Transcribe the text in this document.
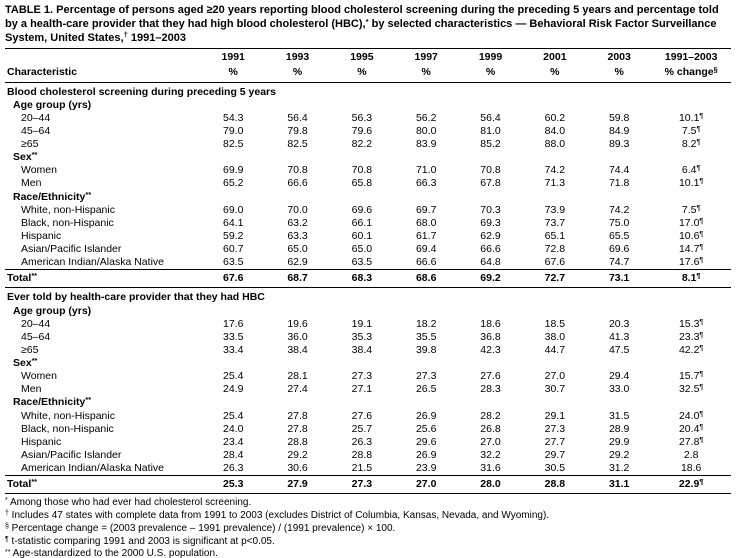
TABLE 1. Percentage of persons aged ≥20 years reporting blood cholesterol screening during the preceding 5 years and percentage told by a health-care provider that they had high blood cholesterol (HBC),* by selected characteristics — Behavioral Risk Factor Surveillance System, United States,† 1991–2003

	1991	1993	1995	1997	1999	2001	2003	1991–2003
Characteristic	%	%	%	%	%	%	%	% change§
Blood cholesterol screening during preceding 5 years								
Age group (yrs)								
20–44	54.3	56.4	56.3	56.2	56.4	60.2	59.8	10.1¶
45–64	79.0	79.8	79.6	80.0	81.0	84.0	84.9	7.5¶
≥65	82.5	82.5	82.2	83.9	85.2	88.0	89.3	8.2¶
Sex**
Women	69.9	70.8	70.8	71.0	70.8	74.2	74.4	6.4¶
Men	65.2	66.6	65.8	66.3	67.8	71.3	71.8	10.1¶
Race/Ethnicity**
White, non-Hispanic	69.0	70.0	69.6	69.7	70.3	73.9	74.2	7.5¶
Black, non-Hispanic	64.1	63.2	66.1	68.0	69.3	73.7	75.0	17.0¶
Hispanic	59.2	63.3	60.1	61.7	62.9	65.1	65.5	10.6¶
Asian/Pacific Islander	60.7	65.0	65.0	69.4	66.6	72.8	69.6	14.7¶
American Indian/Alaska Native	63.5	62.9	63.5	66.6	64.8	67.6	74.7	17.6¶
Total**	67.6	68.7	68.3	68.6	69.2	72.7	73.1	8.1¶
Ever told by health-care provider that they had HBC								
Age group (yrs)								
20–44	17.6	19.6	19.1	18.2	18.6	18.5	20.3	15.3¶
45–64	33.5	36.0	35.3	35.5	36.8	38.0	41.3	23.3¶
≥65	33.4	38.4	38.4	39.8	42.3	44.7	47.5	42.2¶
Sex**
Women	25.4	28.1	27.3	27.3	27.6	27.0	29.4	15.7¶
Men	24.9	27.4	27.1	26.5	28.3	30.7	33.0	32.5¶
Race/Ethnicity**
White, non-Hispanic	25.4	27.8	27.6	26.9	28.2	29.1	31.5	24.0¶
Black, non-Hispanic	24.0	27.8	25.7	25.6	26.8	27.3	28.9	20.4¶
Hispanic	23.4	28.8	26.3	29.6	27.0	27.7	29.9	27.8¶
Asian/Pacific Islander	28.4	29.2	28.8	26.9	32.2	29.7	29.2	2.8
American Indian/Alaska Native	26.3	30.6	21.5	23.9	31.6	30.5	31.2	18.6
Total**	25.3	27.9	27.3	27.0	28.0	28.8	31.1	22.9¶
* Among those who had ever had cholesterol screening.
† Includes 47 states with complete data from 1991 to 2003 (excludes District of Columbia, Kansas, Nevada, and Wyoming).
§ Percentage change = (2003 prevalence – 1991 prevalence) / (1991 prevalence) × 100.
¶ t-statistic comparing 1991 and 2003 is significant at p<0.05.
** Age-standardized to the 2000 U.S. population.
